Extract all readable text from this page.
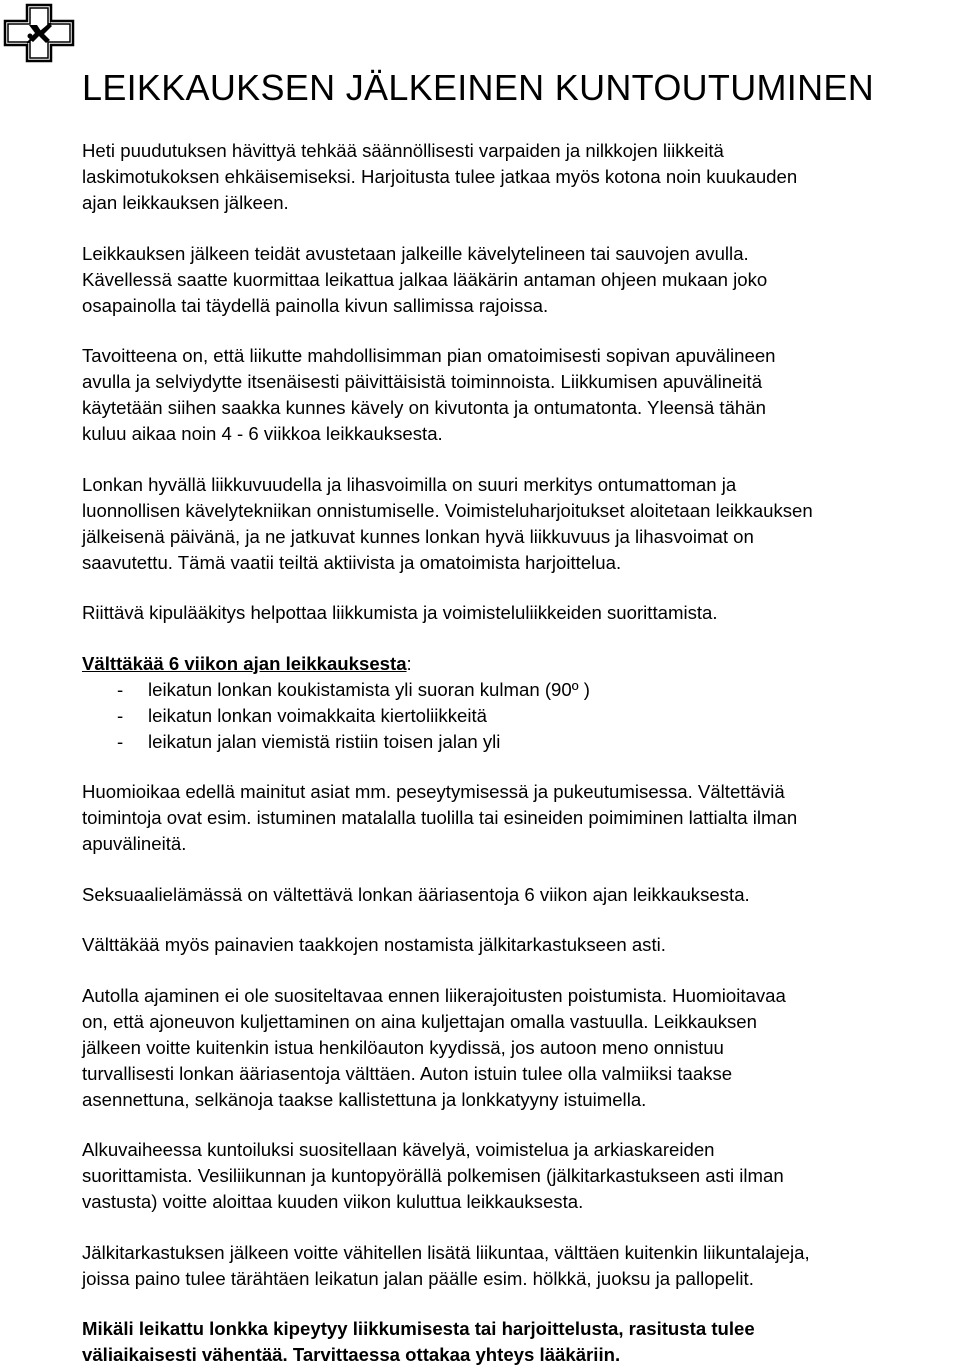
LEIKKAUKSEN JÄLKEINEN KUNTOUTUMINEN

Heti puudutuksen hävittyä tehkää säännöllisesti varpaiden ja nilkkojen liikkeitä
laskimotukoksen ehkäisemiseksi. Harjoitusta tulee jatkaa myös kotona noin kuukauden
ajan leikkauksen jälkeen.

Leikkauksen jälkeen teidät avustetaan jalkeille kävelytelineen tai sauvojen avulla.
Kävellessä saatte kuormittaa leikattua jalkaa lääkärin antaman ohjeen mukaan joko
osapainolla tai täydellä painolla kivun sallimissa rajoissa.

Tavoitteena on, että liikutte mahdollisimman pian omatoimisesti sopivan apuvälineen
avulla ja selviydytte itsenäisesti päivittäisistä toiminnoista. Liikkumisen apuvälineitä
käytetään siihen saakka kunnes kävely on kivutonta ja ontumatonta. Yleensä tähän
kuluu aikaa noin 4 - 6 viikkoa leikkauksesta.

Lonkan hyvällä liikkuvuudella ja lihasvoimilla on suuri merkitys ontumattoman ja
luonnollisen kävelytekniikan onnistumiselle. Voimisteluharjoitukset aloitetaan leikkauksen
jälkeisenä päivänä, ja ne jatkuvat kunnes lonkan hyvä liikkuvuus ja lihasvoimat on
saavutettu. Tämä vaatii teiltä aktiivista ja omatoimista harjoittelua.

Riittävä kipulääkitys helpottaa liikkumista ja voimisteluliikkeiden suorittamista.

Välttäkää 6 viikon ajan leikkauksesta:
- leikatun lonkan koukistamista yli suoran kulman (90º )
- leikatun lonkan voimakkaita kiertoliikkeitä
- leikatun jalan viemistä ristiin toisen jalan yli

Huomioikaa edellä mainitut asiat mm. peseytymisessä ja pukeutumisessa. Vältettäviä
toimintoja ovat esim. istuminen matalalla tuolilla tai esineiden poimiminen lattialta ilman
apuvälineitä.

Seksuaalielämässä on vältettävä lonkan ääriasentoja 6 viikon ajan leikkauksesta.

Välttäkää myös painavien taakkojen nostamista jälkitarkastukseen asti.

Autolla ajaminen ei ole suositeltavaa ennen liikerajoitusten poistumista. Huomioitavaa
on, että ajoneuvon kuljettaminen on aina kuljettajan omalla vastuulla. Leikkauksen
jälkeen voitte kuitenkin istua henkilöauton kyydissä, jos autoon meno onnistuu
turvallisesti lonkan ääriasentoja välttäen. Auton istuin tulee olla valmiiksi taakse
asennettuna, selkänoja taakse kallistettuna ja lonkkatyyny istuimella.

Alkuvaiheessa kuntoiluksi suositellaan kävelyä, voimistelua ja arkiaskareiden
suorittamista. Vesiliikunnan ja kuntopyörällä polkemisen (jälkitarkastukseen asti ilman
vastusta) voitte aloittaa kuuden viikon kuluttua leikkauksesta.

Jälkitarkastuksen jälkeen voitte vähitellen lisätä liikuntaa, välttäen kuitenkin liikuntalajeja,
joissa paino tulee tärähtäen leikatun jalan päälle esim. hölkkä, juoksu ja pallopelit.

Mikäli leikattu lonkka kipeytyy liikkumisesta tai harjoittelusta, rasitusta tulee
väliaikaisesti vähentää. Tarvittaessa ottakaa yhteys lääkäriin.
